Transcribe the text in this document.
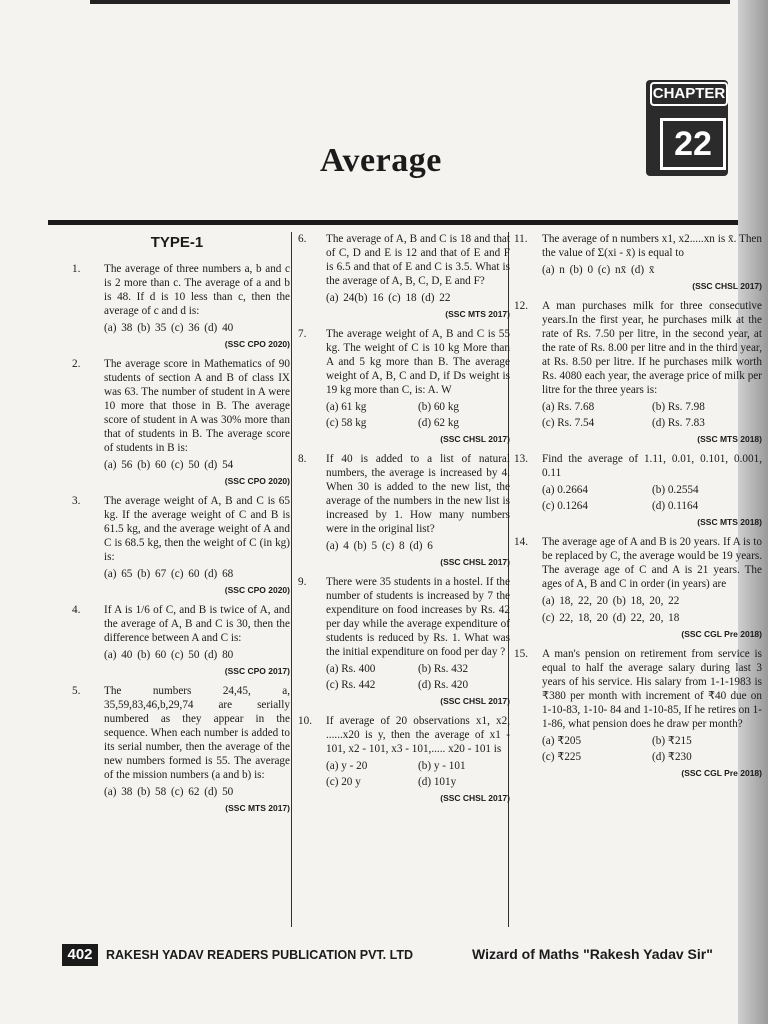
CHAPTER
22
Average
TYPE-1
1. The average of three numbers a, b and c is 2 more than c. The average of a and b is 48. If d is 10 less than c, then the average of c and d is:
(a) 38 (b) 35 (c) 36 (d) 40
(SSC CPO 2020)
2. The average score in Mathematics of 90 students of section A and B of class IX was 63. The number of student in A were 10 more that those in B. The average score of student in A was 30% more than that of students in B. The average score of students in B is:
(a) 56 (b) 60 (c) 50 (d) 54
(SSC CPO 2020)
3. The average weight of A, B and C is 65 kg. If the average weight of C and B is 61.5 kg, and the average weight of A and C is 68.5 kg, then the weight of C (in kg) is:
(a) 65 (b) 67 (c) 60 (d) 68
(SSC CPO 2020)
4. If A is 1/6 of C, and B is twice of A, and the average of A, B and C is 30, then the difference between A and C is:
(a) 40 (b) 60 (c) 50 (d) 80
(SSC CPO 2017)
5. The numbers 24,45, a, 35,59,83,46,b,29,74 are serially numbered as they appear in the sequence. When each number is added to its serial number, then the average of the new numbers formed is 55. The average of the mission numbers (a and b) is:
(a) 38 (b) 58 (c) 62 (d) 50
(SSC MTS 2017)
6. The average of A, B and C is 18 and that of C, D and E is 12 and that of E and F is 6.5 and that of E and C is 3.5. What is the average of A, B, C, D, E and F?
(a) 24(b) 16 (c) 18 (d) 22
(SSC MTS 2017)
7. The average weight of A, B and C is 55 kg. The weight of C is 10 kg More than A and 5 kg more than B. The average weight of A, B, C and D, if Ds weight is 19 kg more than C, is: A. W
(a) 61 kg	(b) 60 kg
(c) 58 kg	(d) 62 kg
(SSC CHSL 2017)
8. If 40 is added to a list of natural numbers, the average is increased by 4. When 30 is added to the new list, the average of the numbers in the new list is increased by 1. How many numbers were in the original list?
(a) 4 (b) 5 (c) 8 (d) 6
(SSC CHSL 2017)
9. There were 35 students in a hostel. If the number of students is increased by 7 the expenditure on food increases by Rs. 42 per day while the average expenditure of students is reduced by Rs. 1. What was the initial expenditure on food per day ?
(a) Rs. 400	(b) Rs. 432
(c) Rs. 442	(d) Rs. 420
(SSC CHSL 2017)
10. If average of 20 observations x1, x2, ......x20 is y, then the average of x1 - 101, x2 - 101, x3 - 101,..... x20 - 101 is
(a) y - 20	(b) y - 101
(c) 20 y	(d) 101y
(SSC CHSL 2017)
11. The average of n numbers x1, x2.....xn is x̄. Then the value of Σ(xi - x̄) is equal to
(a) n (b) 0 (c) nx̄ (d) x̄
(SSC CHSL 2017)
12. A man purchases milk for three consecutive years.In the first year, he purchases milk at the rate of Rs. 7.50 per litre, in the second year, at the rate of Rs. 8.00 per litre and in the third year, at Rs. 8.50 per litre. If he purchases milk worth Rs. 4080 each year, the average price of milk per litre for the three years is:
(a) Rs. 7.68	(b) Rs. 7.98
(c) Rs. 7.54	(d) Rs. 7.83
(SSC MTS 2018)
13. Find the average of 1.11, 0.01, 0.101, 0.001, 0.11
(a) 0.2664	(b) 0.2554
(c) 0.1264	(d) 0.1164
(SSC MTS 2018)
14. The average age of A and B is 20 years. If A is to be replaced by C, the average would be 19 years. The average age of C and A is 21 years. The ages of A, B and C in order (in years) are
(a) 18, 22, 20 (b) 18, 20, 22
(c) 22, 18, 20 (d) 22, 20, 18
(SSC CGL Pre 2018)
15. A man's pension on retirement from service is equal to half the average salary during last 3 years of his service. His salary from 1-1-1983 is ₹380 per month with increment of ₹40 due on 1-10-83, 1-10- 84 and 1-10-85, If he retires on 1-1-86, what pension does he draw per month?
(a) ₹205	(b) ₹215
(c) ₹225	(d) ₹230
(SSC CGL Pre 2018)
402	RAKESH YADAV READERS PUBLICATION PVT. LTD	Wizard of Maths "Rakesh Yadav Sir"
